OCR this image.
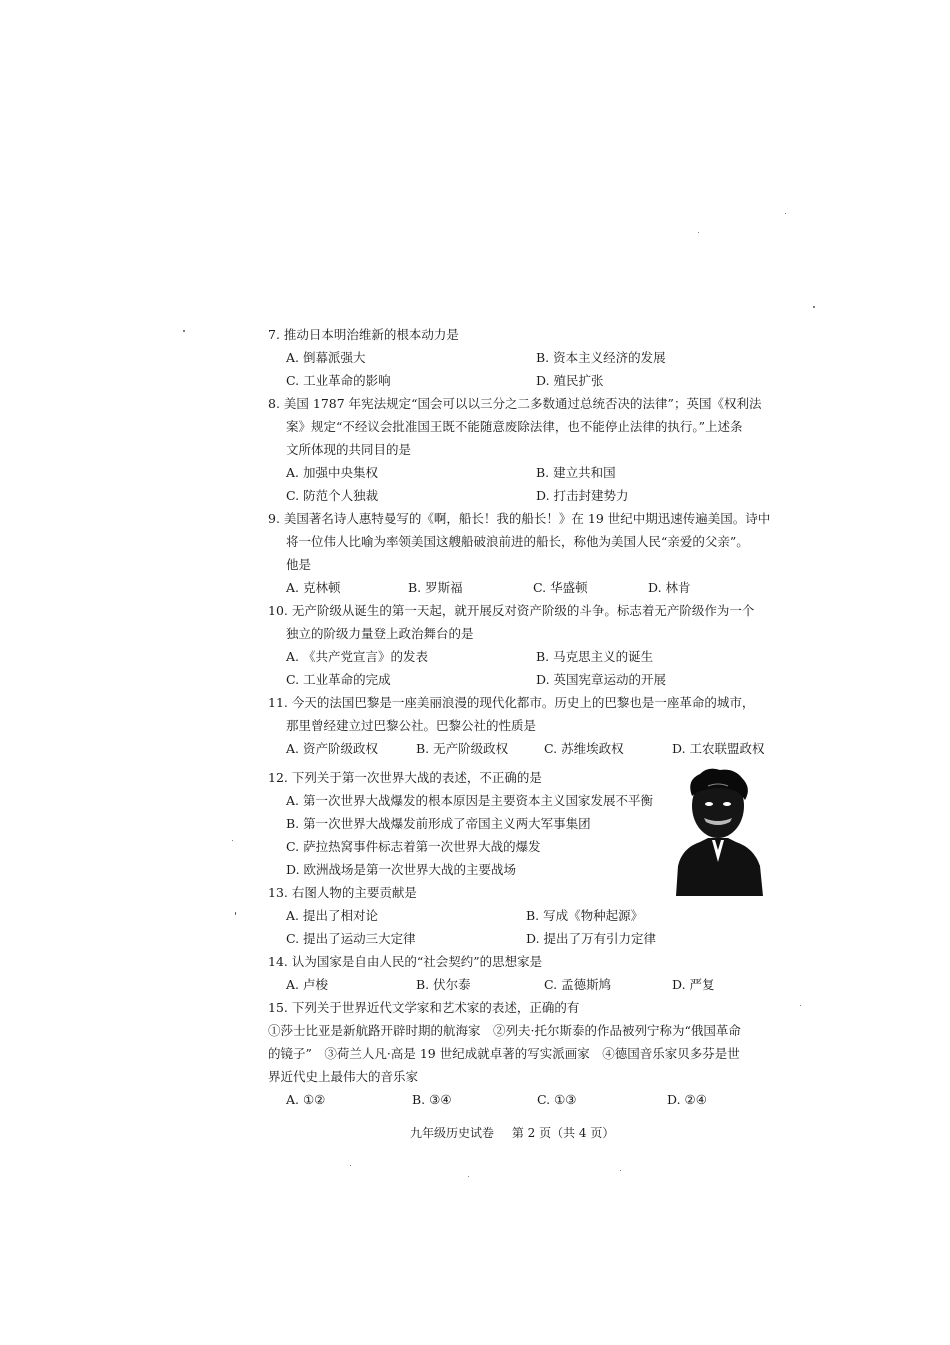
7. 推动日本明治维新的根本动力是
A. 倒幕派强大	B. 资本主义经济的发展
C. 工业革命的影响	D. 殖民扩张
8. 美国 1787 年宪法规定“国会可以以三分之二多数通过总统否决的法律”；英国《权利法
案》规定“不经议会批准国王既不能随意废除法律，也不能停止法律的执行。”上述条
文所体现的共同目的是
A. 加强中央集权	B. 建立共和国
C. 防范个人独裁	D. 打击封建势力
9. 美国著名诗人惠特曼写的《啊，船长！我的船长！》在 19 世纪中期迅速传遍美国。诗中
将一位伟人比喻为率领美国这艘船破浪前进的船长，称他为美国人民“亲爱的父亲”。
他是
A. 克林顿	B. 罗斯福	C. 华盛顿	D. 林肯
10. 无产阶级从诞生的第一天起，就开展反对资产阶级的斗争。标志着无产阶级作为一个
独立的阶级力量登上政治舞台的是
A. 《共产党宣言》的发表	B. 马克思主义的诞生
C. 工业革命的完成	D. 英国宪章运动的开展
11. 今天的法国巴黎是一座美丽浪漫的现代化都市。历史上的巴黎也是一座革命的城市，
那里曾经建立过巴黎公社。巴黎公社的性质是
A. 资产阶级政权	B. 无产阶级政权	C. 苏维埃政权	D. 工农联盟政权
12. 下列关于第一次世界大战的表述，不正确的是
A. 第一次世界大战爆发的根本原因是主要资本主义国家发展不平衡
B. 第一次世界大战爆发前形成了帝国主义两大军事集团
C. 萨拉热窝事件标志着第一次世界大战的爆发
D. 欧洲战场是第一次世界大战的主要战场
13. 右图人物的主要贡献是
A. 提出了相对论	B. 写成《物种起源》
C. 提出了运动三大定律	D. 提出了万有引力定律
14. 认为国家是自由人民的“社会契约”的思想家是
A. 卢梭	B. 伏尔泰	C. 孟德斯鸠	D. 严复
15. 下列关于世界近代文学家和艺术家的表述，正确的有
①莎士比亚是新航路开辟时期的航海家　②列夫·托尔斯泰的作品被列宁称为“俄国革命
的镜子”　③荷兰人凡·高是 19 世纪成就卓著的写实派画家　④德国音乐家贝多芬是世
界近代史上最伟大的音乐家
A. ①②	B. ③④	C. ①③	D. ②④
九年级历史试卷 第 2 页（共 4 页）
